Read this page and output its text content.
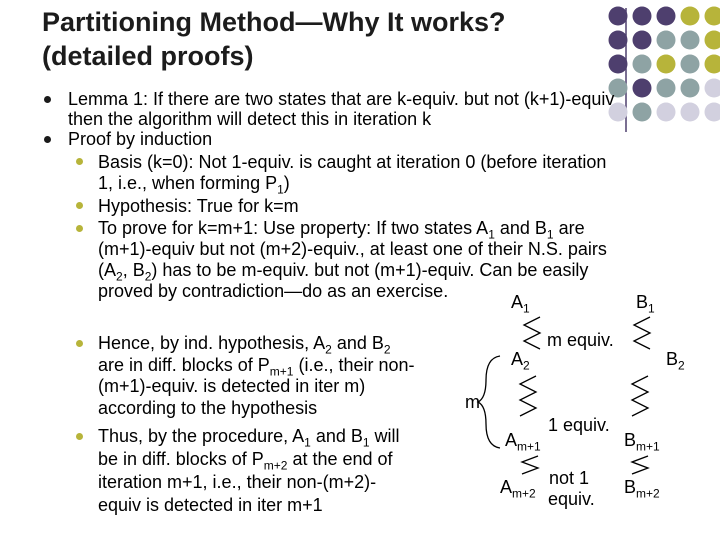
Partitioning Method—Why It works?
(detailed proofs)
Lemma 1: If there are two states that are k-equiv. but not (k+1)-equiv
then the algorithm will detect this in iteration k
Proof by induction
Basis (k=0): Not 1-equiv. is caught at iteration 0 (before iteration
1, i.e., when forming $P_1$)
Hypothesis: True for k=m
To prove for k=m+1: Use property: If two states $A_1$ and $B_1$ are
(m+1)-equiv but not (m+2)-equiv., at least one of their N.S. pairs
($A_2$, $B_2$) has to be m-equiv. but not (m+1)-equiv. Can be easily
proved by contradiction—do as an exercise.
Hence, by ind. hypothesis, $A_2$ and $B_2$
are in diff. blocks of $P_{m+1}$ (i.e., their non-
(m+1)-equiv. is detected in iter m)
according to the hypothesis
Thus, by the procedure, $A_1$ and $B_1$ will
be in diff. blocks of $P_{m+2}$ at the end of
iteration m+1, i.e., their non-(m+2)-
equiv is detected in iter m+1
$A_1$	$B_1$
m equiv.
$A_2$	$B_2$
m
1 equiv.
$A_{m+1}$	$B_{m+1}$
not 1
$A_{m+2}$	$B_{m+2}$
equiv.
